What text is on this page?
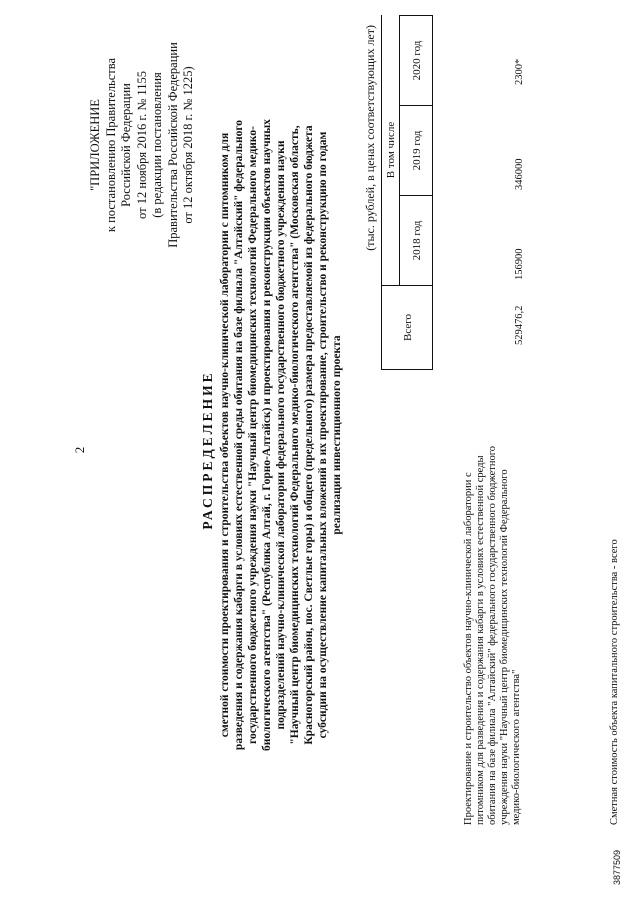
2
"ПРИЛОЖЕНИЕ к постановлению Правительства Российской Федерации от 12 ноября 2016 г. № 1155 (в редакции постановления Правительства Российской Федерации от 12 октября 2018 г. № 1225)
РАСПРЕДЕЛЕНИЕ сметной стоимости проектирования и строительства объектов научно-клинической лаборатории с питомником для разведения и содержания кабарги в условиях естественной среды обитания на базе филиала "Алтайский" федерального государственного бюджетного учреждения науки "Научный центр биомедицинских технологий Федерального медико- биологического агентства" (Республика Алтай, г. Горно-Алтайск) и проектирования и реконструкции объектов научных подразделений научно-клинической лаборатории федерального государственного бюджетного учреждения науки "Научный центр биомедицинских технологий Федерального медико-биологического агентства" (Московская область, Красногорский район, пос. Светлые горы) и общего (предельного) размера предоставляемой из федерального бюджета субсидии на осуществление капитальных вложений в их проектирование, строительство и реконструкцию по годам реализации инвестиционного проекта
(тыс. рублей, в ценах соответствующих лет)
Всего
В том числе
2018 год
2019 год
2020 год
Проектирование и строительство объектов научно-клинической лаборатории с питомником для разведения и содержания кабарги в условиях естественной среды обитания на базе филиала "Алтайский" федерального государственного бюджетного учреждения науки "Научный центр биомедицинских технологий Федерального медико-биологического агентства"	Сметная стоимость объекта капитального строительства - всего
529476,2
156900
346000
2300*
3877509
